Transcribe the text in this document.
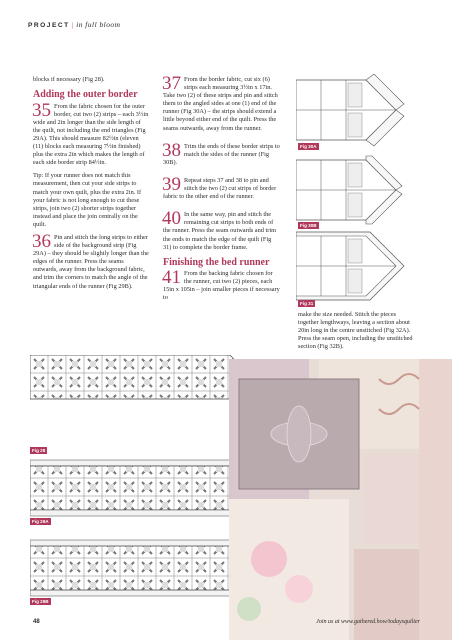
PROJECT | in full bloom

blocks if necessary (Fig 28).

Adding the outer border
35 From the fabric chosen for the outer border, cut two (2) strips – each 3½in wide and 2in longer than the side length of the quilt, not including the end triangles (Fig 29A). This should measure 82½in (eleven (11) blocks each measuring 7½in finished) plus the extra 2in which makes the length of each side border strip 84½in.

Tip: If your runner does not match this measurement, then cut your side strips to match your own quilt, plus the extra 2in. If your fabric is not long enough to cut these strips, join two (2) shorter strips together instead and place the join centrally on the quilt.

36 Pin and stitch the long strips to either side of the background strip (Fig 29A) – they should be slightly longer than the edges of the runner. Press the seams outwards, away from the background fabric, and trim the corners to match the angle of the triangular ends of the runner (Fig 29B).
37 From the border fabric, cut six (6) strips each measuring 3½in x 17in. Take two (2) of these strips and pin and stitch them to the angled sides at one (1) end of the runner (Fig 30A) – the strips should extend a little beyond either end of the quilt. Press the seams outwards, away from the runner.
38 Trim the ends of these border strips to match the sides of the runner (Fig 30B).
39 Repeat steps 37 and 38 to pin and stitch the two (2) cut strips of border fabric to the other end of the runner.
40 In the same way, pin and stitch the remaining cut strips to both ends of the runner. Press the seam outwards and trim the ends to match the edge of the quilt (Fig 31) to complete the border frame.
Finishing the bed runner
41 From the backing fabric chosen for the runner, cut two (2) pieces, each 15in x 105in – join smaller pieces if necessary to

make the size needed. Stitch the pieces together lengthways, leaving a section about 20in long in the centre unstitched (Fig 32A). Press the seam open, including the unstitched section (Fig 32B).

Fig 30A
Fig 30B
Fig 31
Fig 28
Fig 29A
Fig 29B
48	Join us at www.gathered.how/todaysquilter
